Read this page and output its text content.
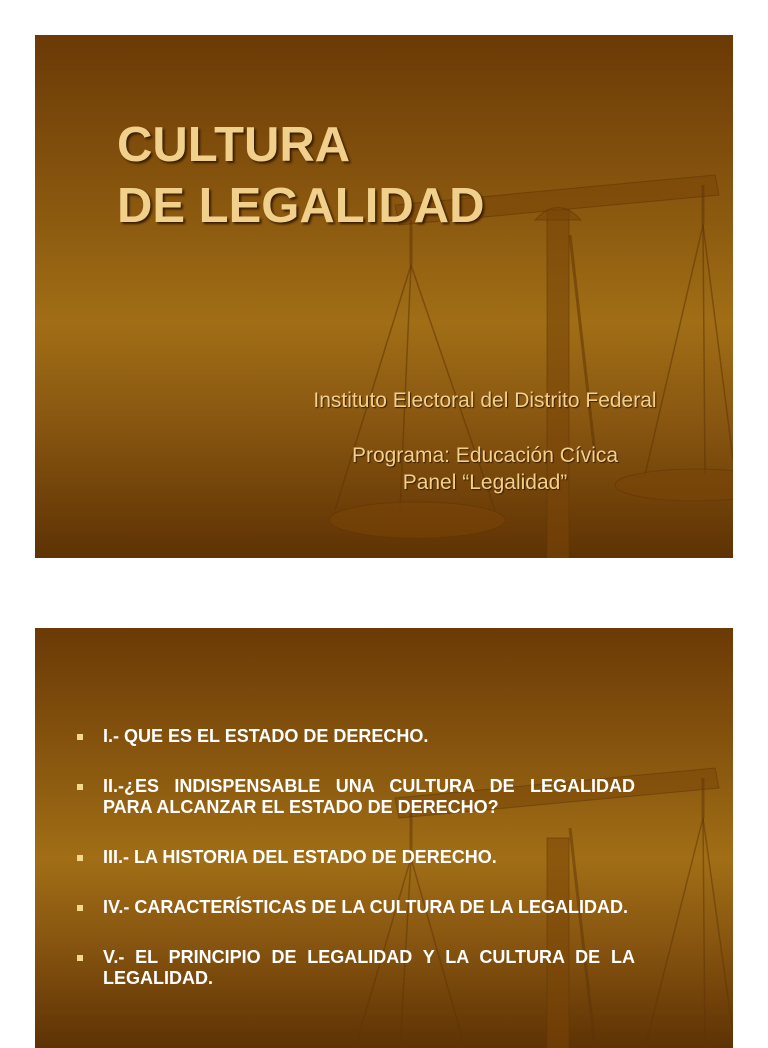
CULTURA
DE LEGALIDAD
Instituto Electoral del Distrito Federal
Programa: Educación Cívica
Panel “Legalidad”
I.- QUE ES EL ESTADO DE DERECHO.
II.-¿ES INDISPENSABLE UNA CULTURA DE LEGALIDAD PARA ALCANZAR EL ESTADO DE DERECHO?
III.- LA HISTORIA DEL ESTADO DE DERECHO.
IV.- CARACTERÍSTICAS DE LA CULTURA DE LA LEGALIDAD.
V.- EL PRINCIPIO DE LEGALIDAD Y LA CULTURA DE LA LEGALIDAD.
